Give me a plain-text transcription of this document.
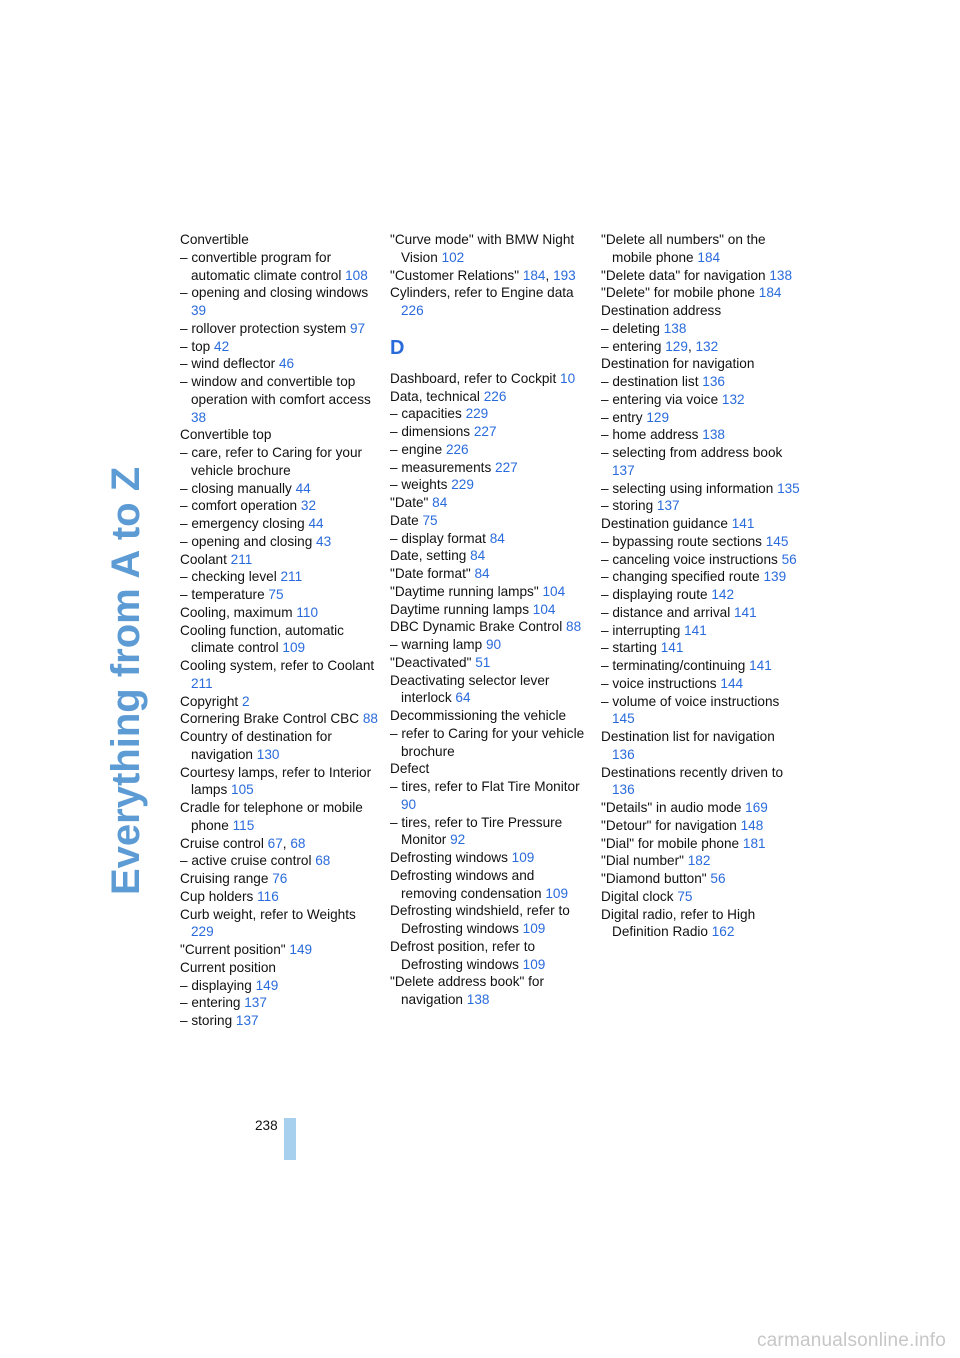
Everything from A to Z
Convertible
– convertible program for automatic climate control 108
– opening and closing windows 39
– rollover protection system 97
– top 42
– wind deflector 46
– window and convertible top operation with comfort access 38
Convertible top
– care, refer to Caring for your vehicle brochure
– closing manually 44
– comfort operation 32
– emergency closing 44
– opening and closing 43
Coolant 211
– checking level 211
– temperature 75
Cooling, maximum 110
Cooling function, automatic climate control 109
Cooling system, refer to Coolant 211
Copyright 2
Cornering Brake Control CBC 88
Country of destination for navigation 130
Courtesy lamps, refer to Interior lamps 105
Cradle for telephone or mobile phone 115
Cruise control 67, 68
– active cruise control 68
Cruising range 76
Cup holders 116
Curb weight, refer to Weights 229
"Current position" 149
Current position
– displaying 149
– entering 137
– storing 137
"Curve mode" with BMW Night Vision 102
"Customer Relations" 184, 193
Cylinders, refer to Engine data 226
D
Dashboard, refer to Cockpit 10
Data, technical 226
– capacities 229
– dimensions 227
– engine 226
– measurements 227
– weights 229
"Date" 84
Date 75
– display format 84
Date, setting 84
"Date format" 84
"Daytime running lamps" 104
Daytime running lamps 104
DBC Dynamic Brake Control 88
– warning lamp 90
"Deactivated" 51
Deactivating selector lever interlock 64
Decommissioning the vehicle
– refer to Caring for your vehicle brochure
Defect
– tires, refer to Flat Tire Monitor 90
– tires, refer to Tire Pressure Monitor 92
Defrosting windows 109
Defrosting windows and removing condensation 109
Defrosting windshield, refer to Defrosting windows 109
Defrost position, refer to Defrosting windows 109
"Delete address book" for navigation 138
"Delete all numbers" on the mobile phone 184
"Delete data" for navigation 138
"Delete" for mobile phone 184
Destination address
– deleting 138
– entering 129, 132
Destination for navigation
– destination list 136
– entering via voice 132
– entry 129
– home address 138
– selecting from address book 137
– selecting using information 135
– storing 137
Destination guidance 141
– bypassing route sections 145
– canceling voice instructions 56
– changing specified route 139
– displaying route 142
– distance and arrival 141
– interrupting 141
– starting 141
– terminating/continuing 141
– voice instructions 144
– volume of voice instructions 145
Destination list for navigation 136
Destinations recently driven to 136
"Details" in audio mode 169
"Detour" for navigation 148
"Dial" for mobile phone 181
"Dial number" 182
"Diamond button" 56
Digital clock 75
Digital radio, refer to High Definition Radio 162
238
carmanualsonline.info
